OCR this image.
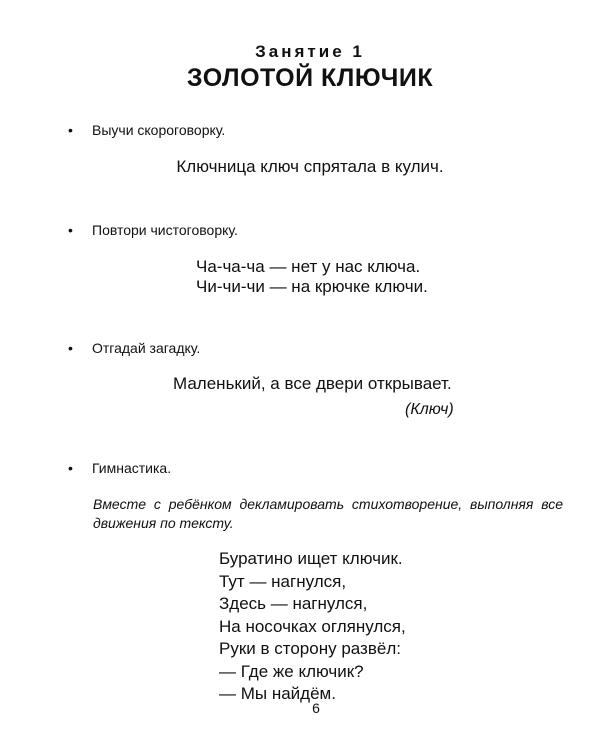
Занятие 1
ЗОЛОТОЙ КЛЮЧИК
• Выучи скороговорку.
Ключница ключ спрятала в кулич.
• Повтори чистоговорку.
Ча-ча-ча — нет у нас ключа.
Чи-чи-чи — на крючке ключи.
• Отгадай загадку.
Маленький, а все двери открывает.
(Ключ)
• Гимнастика.
Вместе с ребёнком декламировать стихотворение, выполняя все движения по тексту.
Буратино ищет ключик.
Тут — нагнулся,
Здесь — нагнулся,
На носочках оглянулся,
Руки в сторону развёл:
— Где же ключик?
— Мы найдём.
6
